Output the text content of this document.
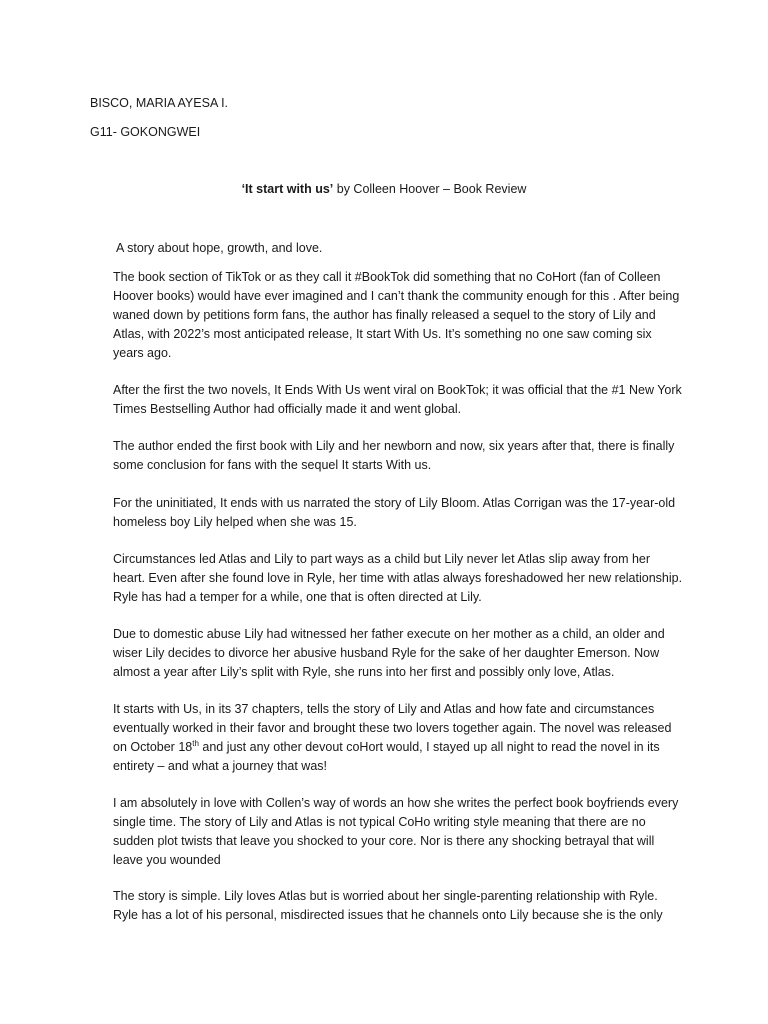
BISCO, MARIA AYESA I.
G11- GOKONGWEI
‘It start with us’ by Colleen Hoover – Book Review
A story about hope, growth, and love.

The book section of TikTok or as they call it #BookTok did something that no CoHort (fan of Colleen Hoover books) would have ever imagined and I can’t thank the community enough for this . After being waned down by petitions form fans, the author has finally released a sequel to the story of Lily and Atlas, with 2022’s most anticipated release, It start With Us. It’s something no one saw coming six years ago.

After the first the two novels, It Ends With Us went viral on BookTok; it was official that the #1 New York Times Bestselling Author had officially made it and went global.

The author ended the first book with Lily and her newborn and now, six years after that, there is finally some conclusion for fans with the sequel It starts With us.

For the uninitiated, It ends with us narrated the story of Lily Bloom. Atlas Corrigan was the 17-year-old homeless boy Lily helped when she was 15.

Circumstances led Atlas and Lily to part ways as a child but Lily never let Atlas slip away from her heart. Even after she found love in Ryle, her time with atlas always foreshadowed her new relationship. Ryle has had a temper for a while, one that is often directed at Lily.

Due to domestic abuse Lily had witnessed her father execute on her mother as a child, an older and wiser Lily decides to divorce her abusive husband Ryle for the sake of her daughter Emerson. Now almost a year after Lily’s split with Ryle, she runs into her first and possibly only love, Atlas.

It starts with Us, in its 37 chapters, tells the story of Lily and Atlas and how fate and circumstances eventually worked in their favor and brought these two lovers together again. The novel was released on October 18th and just any other devout coHort would, I stayed up all night to read the novel in its entirety – and what a journey that was!

I am absolutely in love with Collen’s way of words an how she writes the perfect book boyfriends every single time. The story of Lily and Atlas is not typical CoHo writing style meaning that there are no sudden plot twists that leave you shocked to your core. Nor is there any shocking betrayal that will leave you wounded

The story is simple. Lily loves Atlas but is worried about her single-parenting relationship with Ryle. Ryle has a lot of his personal, misdirected issues that he channels onto Lily because she is the only
